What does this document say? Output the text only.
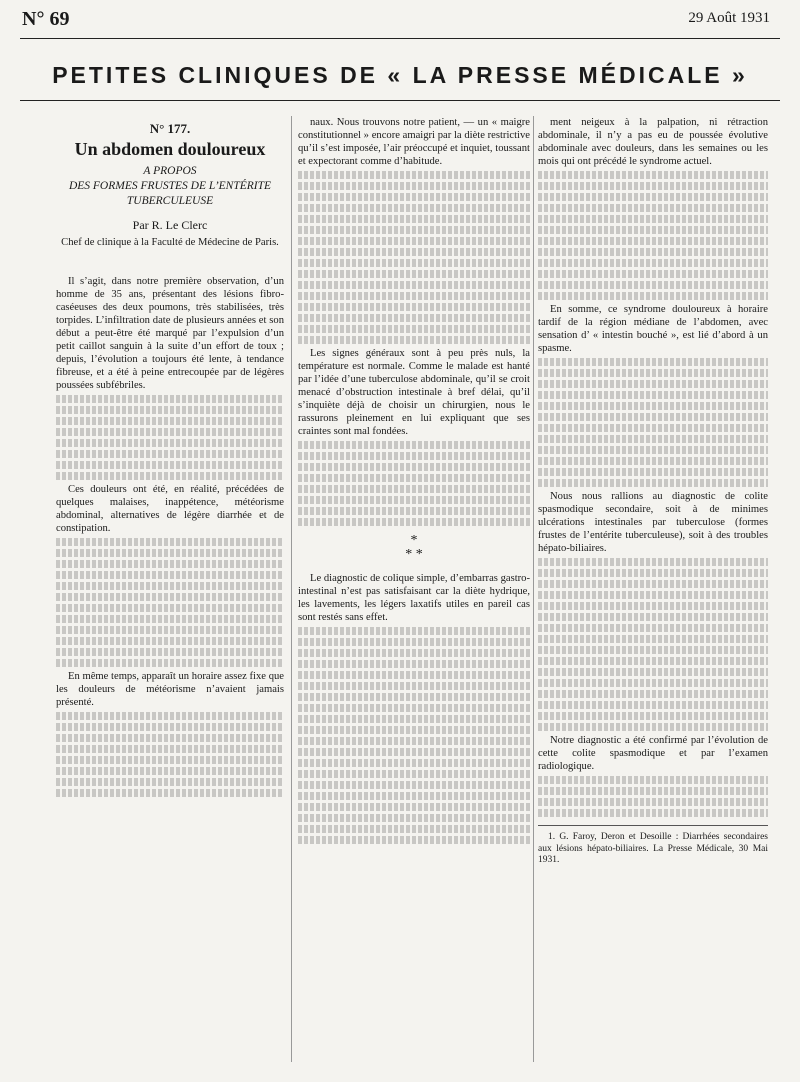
N° 69	29 Août 1931
PETITES CLINIQUES DE « LA PRESSE MÉDICALE »
N° 177.
Un abdomen douloureux
A PROPOS
DES FORMES FRUSTES DE L’ENTÉRITE
TUBERCULEUSE
Par R. Le Clerc
Chef de clinique à la Faculté de Médecine de Paris.

Il s’agit, dans notre première observation, d’un homme de 35 ans, présentant des lésions fibro-caséeuses des deux poumons, très stabilisées, très torpides. L’infiltration date de plusieurs années et son début a peut-être été marqué par l’expulsion d’un petit caillot sanguin à la suite d’un effort de toux ; depuis, l’évolution a toujours été lente, à tendance fibreuse, et a été à peine entrecoupée par de légères poussées subfébriles.

Ces douleurs ont été, en réalité, précédées de quelques malaises, inappétence, météorisme abdominal, alternatives de légère diarrhée et de constipation.

En même temps, apparaît un horaire assez fixe que les douleurs de météorisme n’avaient jamais présenté.

naux. Nous trouvons notre patient, — un « maigre constitutionnel » encore amaigri par la diète restrictive qu’il s’est imposée, l’air préoccupé et inquiet, toussant et expectorant comme d’habitude.

Les signes généraux sont à peu près nuls, la température est normale. Comme le malade est hanté par l’idée d’une tuberculose abdominale, qu’il se croit menacé d’obstruction intestinale à bref délai, qu’il s’inquiète déjà de choisir un chirurgien, nous le rassurons pleinement en lui expliquant que ses craintes sont mal fondées.

*
* *

Le diagnostic de colique simple, d’embarras gastro-intestinal n’est pas satisfaisant car la diète hydrique, les lavements, les légers laxatifs utiles en pareil cas sont restés sans effet.

ment neigeux à la palpation, ni rétraction abdominale, il n’y a pas eu de poussée évolutive abdominale avec douleurs, dans les semaines ou les mois qui ont précédé le syndrome actuel.

En somme, ce syndrome douloureux à horaire tardif de la région médiane de l’abdomen, avec sensation d’ « intestin bouché », est lié d’abord à un spasme.

Nous nous rallions au diagnostic de colite spasmodique secondaire, soit à de minimes ulcérations intestinales par tuberculose (formes frustes de l’entérite tuberculeuse), soit à des troubles hépato-biliaires.

Notre diagnostic a été confirmé par l’évolution de cette colite spasmodique et par l’examen radiologique.

1. G. Faroy, Deron et Desoille : Diarrhées secondaires aux lésions hépato-biliaires. La Presse Médicale, 30 Mai 1931.
